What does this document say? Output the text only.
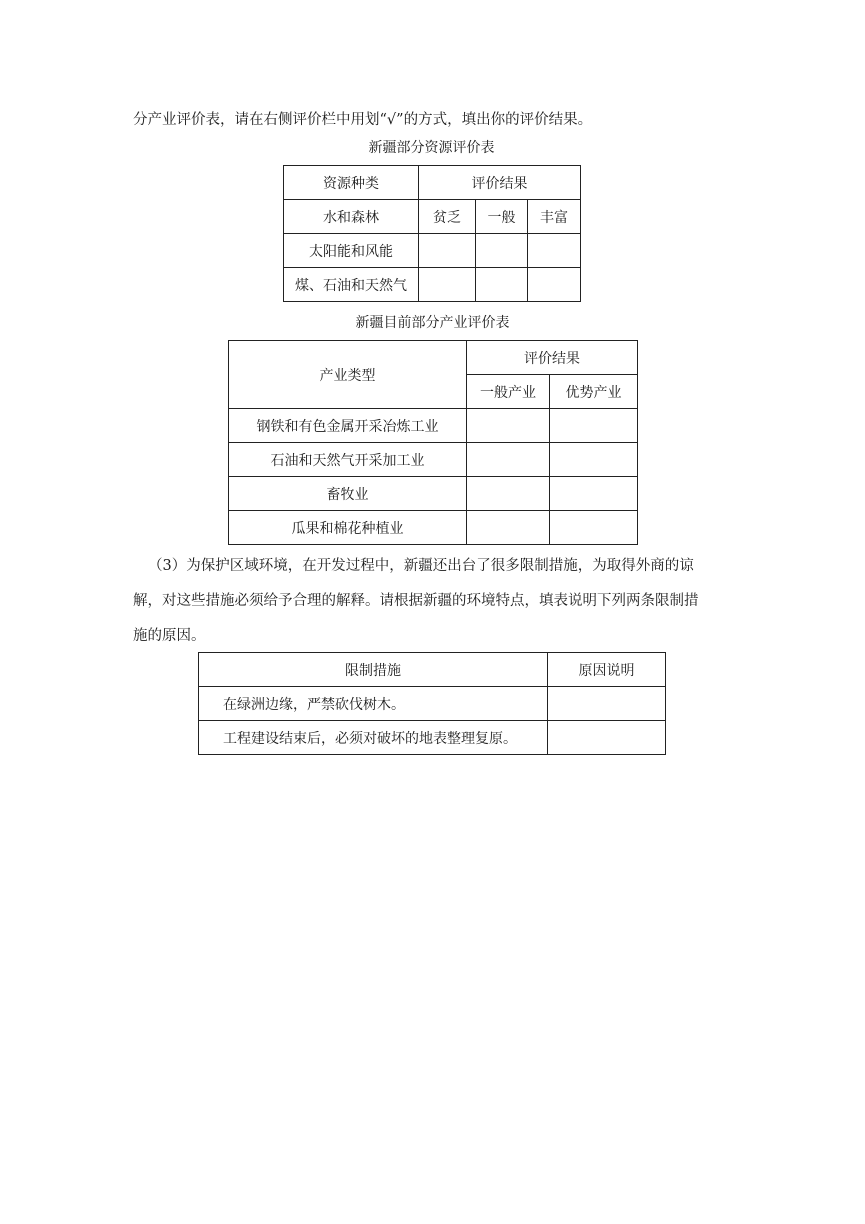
分产业评价表，请在右侧评价栏中用划“√”的方式，填出你的评价结果。
新疆部分资源评价表
资源种类	评价结果		
水和森林	贫乏	一般	丰富
太阳能和风能			
煤、石油和天然气			
新疆目前部分产业评价表
产业类型	评价结果	
	一般产业	优势产业
钢铁和有色金属开采冶炼工业		
石油和天然气开采加工业		
畜牧业		
瓜果和棉花种植业		
（3）为保护区域环境，在开发过程中，新疆还出台了很多限制措施，为取得外商的谅
解，对这些措施必须给予合理的解释。请根据新疆的环境特点，填表说明下列两条限制措
施的原因。
限制措施	原因说明
在绿洲边缘，严禁砍伐树木。	
工程建设结束后，必须对破坏的地表整理复原。	
